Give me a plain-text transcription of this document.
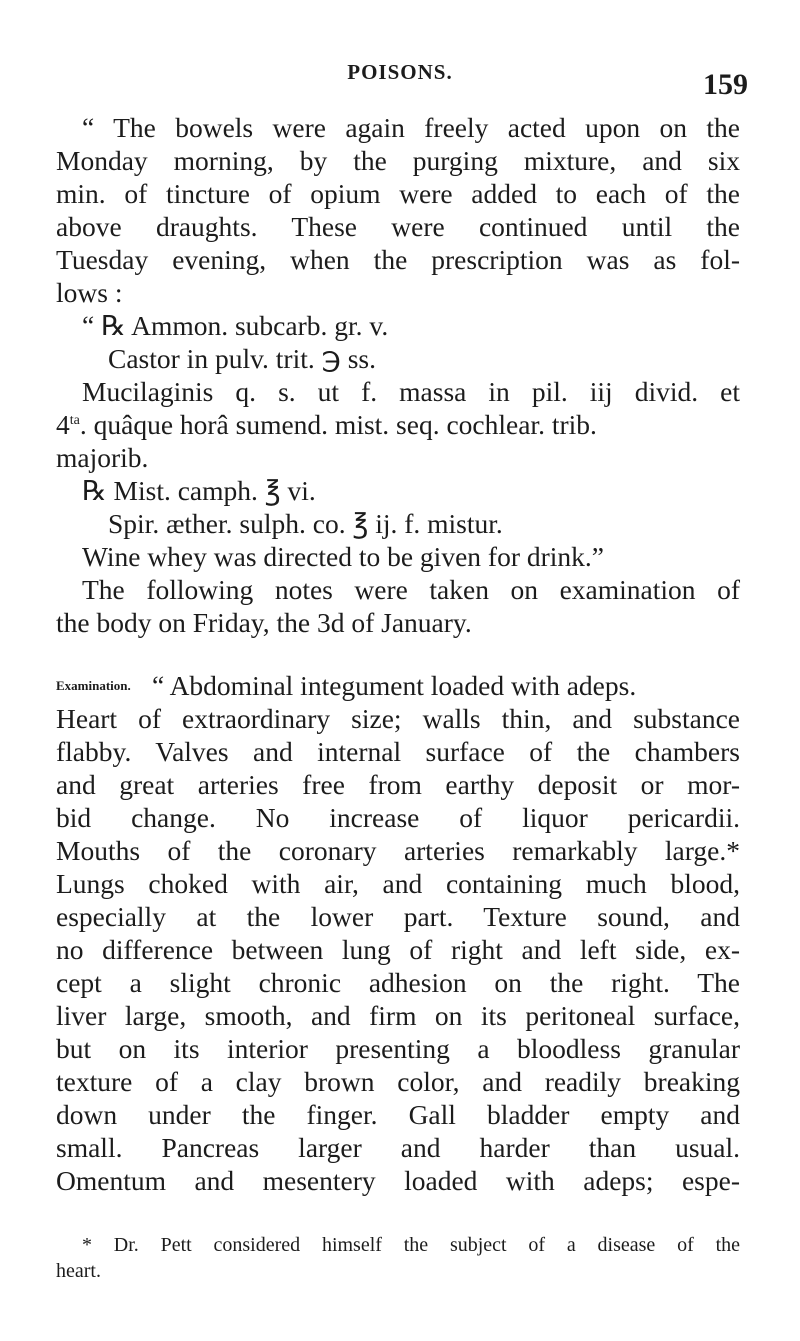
POISONS.	159
“ The bowels were again freely acted upon on the
Monday morning, by the purging mixture, and six
min. of tincture of opium were added to each of the
above draughts. These were continued until the
Tuesday evening, when the prescription was as fol-
lows :
“ ℞ Ammon. subcarb. gr. v.
Castor in pulv. trit. ℈ ss.
Mucilaginis q. s. ut f. massa in pil. iij divid. et
$4^{ta}$. quâque horâ sumend. mist. seq. cochlear. trib.
majorib.
℞ Mist. camph. ℥ vi.
Spir. æther. sulph. co. ℥ ij. f. mistur.
Wine whey was directed to be given for drink.”
The following notes were taken on examination of
the body on Friday, the 3d of January.
Examination. “ Abdominal integument loaded with adeps.
Heart of extraordinary size; walls thin, and substance
flabby. Valves and internal surface of the chambers
and great arteries free from earthy deposit or mor-
bid change. No increase of liquor pericardii.
Mouths of the coronary arteries remarkably large.*
Lungs choked with air, and containing much blood,
especially at the lower part. Texture sound, and
no difference between lung of right and left side, ex-
cept a slight chronic adhesion on the right. The
liver large, smooth, and firm on its peritoneal surface,
but on its interior presenting a bloodless granular
texture of a clay brown color, and readily breaking
down under the finger. Gall bladder empty and
small. Pancreas larger and harder than usual.
Omentum and mesentery loaded with adeps; espe-
* Dr. Pett considered himself the subject of a disease of the
heart.
